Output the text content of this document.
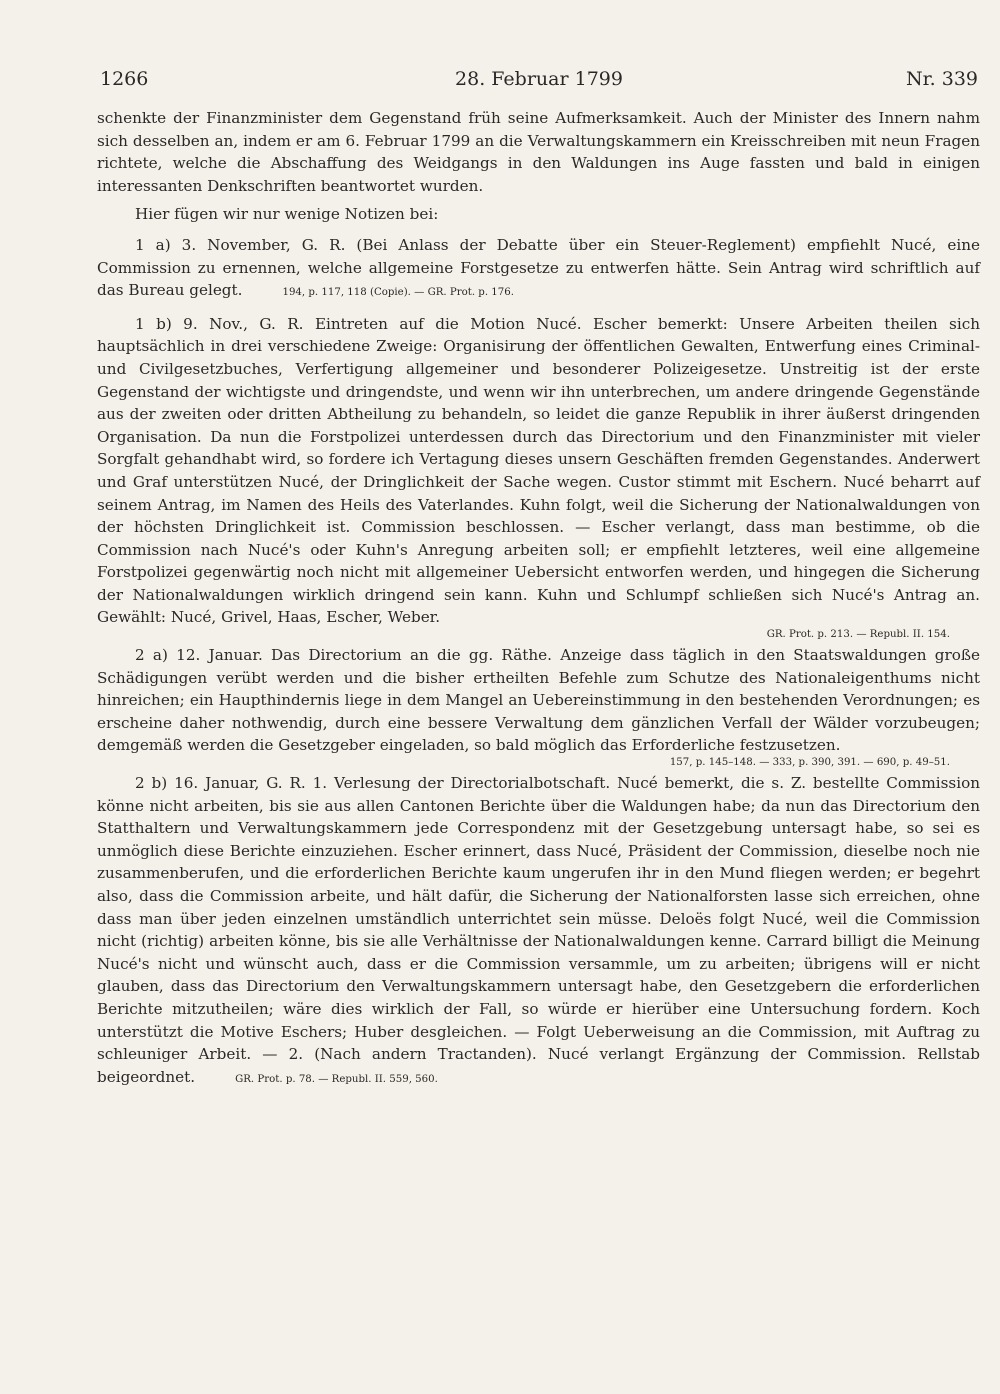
1266	28. Februar 1799	Nr. 339

schenkte der Finanzminister dem Gegenstand früh seine Aufmerksamkeit. Auch der Minister des Innern nahm sich desselben an, indem er am 6. Februar 1799 an die Verwaltungskammern ein Kreisschreiben mit neun Fragen richtete, welche die Abschaffung des Weidgangs in den Waldungen ins Auge fassten und bald in einigen interessanten Denkschriften beantwortet wurden.

Hier fügen wir nur wenige Notizen bei:

1 a) 3. November, G. R. (Bei Anlass der Debatte über ein Steuer-Reglement) empfiehlt Nucé, eine Commission zu ernennen, welche allgemeine Forstgesetze zu entwerfen hätte. Sein Antrag wird schriftlich auf das Bureau gelegt.	194, p. 117, 118 (Copie). — GR. Prot. p. 176.

1 b) 9. Nov., G. R. Eintreten auf die Motion Nucé. Escher bemerkt: Unsere Arbeiten theilen sich hauptsächlich in drei verschiedene Zweige: Organisirung der öffentlichen Gewalten, Entwerfung eines Criminal- und Civilgesetzbuches, Verfertigung allgemeiner und besonderer Polizeigesetze. Unstreitig ist der erste Gegenstand der wichtigste und dringendste, und wenn wir ihn unterbrechen, um andere dringende Gegenstände aus der zweiten oder dritten Abtheilung zu behandeln, so leidet die ganze Republik in ihrer äußerst dringenden Organisation. Da nun die Forstpolizei unterdessen durch das Directorium und den Finanzminister mit vieler Sorgfalt gehandhabt wird, so fordere ich Vertagung dieses unsern Geschäften fremden Gegenstandes. Anderwert und Graf unterstützen Nucé, der Dringlichkeit der Sache wegen. Custor stimmt mit Eschern. Nucé beharrt auf seinem Antrag, im Namen des Heils des Vaterlandes. Kuhn folgt, weil die Sicherung der Nationalwaldungen von der höchsten Dringlichkeit ist. Commission beschlossen. — Escher verlangt, dass man bestimme, ob die Commission nach Nucé's oder Kuhn's Anregung arbeiten soll; er empfiehlt letzteres, weil eine allgemeine Forstpolizei gegenwärtig noch nicht mit allgemeiner Uebersicht entworfen werden, und hingegen die Sicherung der Nationalwaldungen wirklich dringend sein kann. Kuhn und Schlumpf schließen sich Nucé's Antrag an. Gewählt: Nucé, Grivel, Haas, Escher, Weber.

GR. Prot. p. 213. — Republ. II. 154.

2 a) 12. Januar. Das Directorium an die gg. Räthe. Anzeige dass täglich in den Staatswaldungen große Schädigungen verübt werden und die bisher ertheilten Befehle zum Schutze des Nationaleigenthums nicht hinreichen; ein Haupthindernis liege in dem Mangel an Uebereinstimmung in den bestehenden Verordnungen; es erscheine daher nothwendig, durch eine bessere Verwaltung dem gänzlichen Verfall der Wälder vorzubeugen; demgemäß werden die Gesetzgeber eingeladen, so bald möglich das Erforderliche festzusetzen.

157, p. 145–148. — 333, p. 390, 391. — 690, p. 49–51.

2 b) 16. Januar, G. R. 1. Verlesung der Directorialbotschaft. Nucé bemerkt, die s. Z. bestellte Commission könne nicht arbeiten, bis sie aus allen Cantonen Berichte über die Waldungen habe; da nun das Directorium den Statthaltern und Verwaltungskammern jede Correspondenz mit der Gesetzgebung untersagt habe, so sei es unmöglich diese Berichte einzuziehen. Escher erinnert, dass Nucé, Präsident der Commission, dieselbe noch nie zusammenberufen, und die erforderlichen Berichte kaum ungerufen ihr in den Mund fliegen werden; er begehrt also, dass die Commission arbeite, und hält dafür, die Sicherung der Nationalforsten lasse sich erreichen, ohne dass man über jeden einzelnen umständlich unterrichtet sein müsse. Deloës folgt Nucé, weil die Commission nicht (richtig) arbeiten könne, bis sie alle Verhältnisse der Nationalwaldungen kenne. Carrard billigt die Meinung Nucé's nicht und wünscht auch, dass er die Commission versammle, um zu arbeiten; übrigens will er nicht glauben, dass das Directorium den Verwaltungskammern untersagt habe, den Gesetzgebern die erforderlichen Berichte mitzutheilen; wäre dies wirklich der Fall, so würde er hierüber eine Untersuchung fordern. Koch unterstützt die Motive Eschers; Huber desgleichen. — Folgt Ueberweisung an die Commission, mit Auftrag zu schleuniger Arbeit. — 2. (Nach andern Tractanden). Nucé verlangt Ergänzung der Commission. Rellstab beigeordnet.	GR. Prot. p. 78. — Republ. II. 559, 560.
